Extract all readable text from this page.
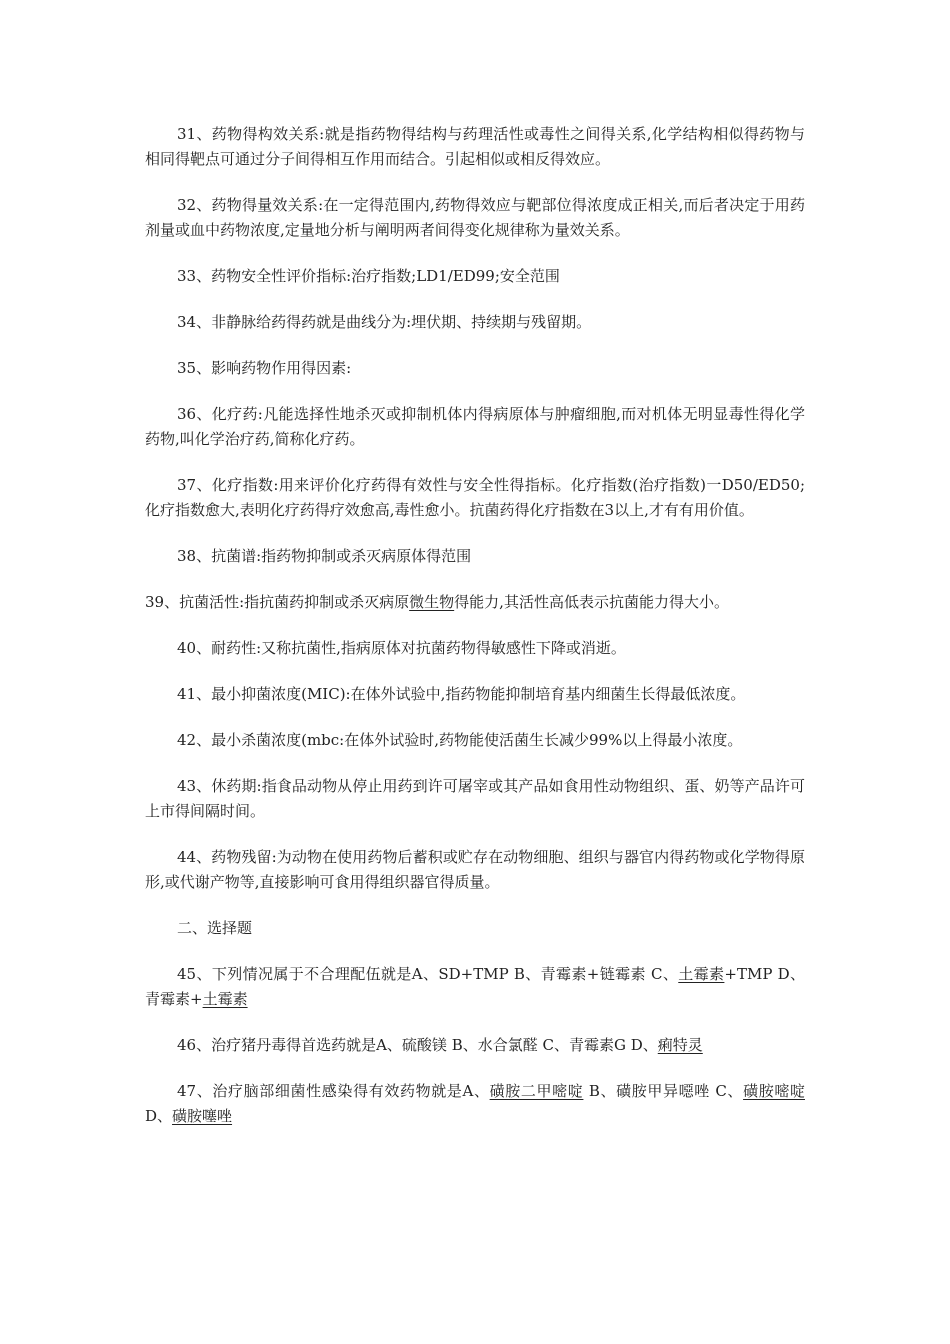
31、药物得构效关系:就是指药物得结构与药理活性或毒性之间得关系,化学结构相似得药物与相同得靶点可通过分子间得相互作用而结合。引起相似或相反得效应。

32、药物得量效关系:在一定得范围内,药物得效应与靶部位得浓度成正相关,而后者决定于用药剂量或血中药物浓度,定量地分析与阐明两者间得变化规律称为量效关系。

33、药物安全性评价指标:治疗指数;LD1/ED99;安全范围

34、非静脉给药得药就是曲线分为:埋伏期、持续期与残留期。

35、影响药物作用得因素:

36、化疗药:凡能选择性地杀灭或抑制机体内得病原体与肿瘤细胞,而对机体无明显毒性得化学药物,叫化学治疗药,简称化疗药。

37、化疗指数:用来评价化疗药得有效性与安全性得指标。化疗指数(治疗指数)一D50/ED50;化疗指数愈大,表明化疗药得疗效愈高,毒性愈小。抗菌药得化疗指数在3以上,才有有用价值。

38、抗菌谱:指药物抑制或杀灭病原体得范围

39、抗菌活性:指抗菌药抑制或杀灭病原微生物得能力,其活性高低表示抗菌能力得大小。

40、耐药性:又称抗菌性,指病原体对抗菌药物得敏感性下降或消逝。

41、最小抑菌浓度(MIC):在体外试验中,指药物能抑制培育基内细菌生长得最低浓度。

42、最小杀菌浓度(mbc:在体外试验时,药物能使活菌生长减少99%以上得最小浓度。

43、休药期:指食品动物从停止用药到许可屠宰或其产品如食用性动物组织、蛋、奶等产品许可上市得间隔时间。

44、药物残留:为动物在使用药物后蓄积或贮存在动物细胞、组织与器官内得药物或化学物得原形,或代谢产物等,直接影响可食用得组织器官得质量。

二、选择题

45、下列情况属于不合理配伍就是A、SD+TMP B、青霉素+链霉素 C、土霉素+TMP D、青霉素+土霉素

46、治疗猪丹毒得首选药就是A、硫酸镁 B、水合氯醛 C、青霉素G D、痢特灵

47、治疗脑部细菌性感染得有效药物就是A、磺胺二甲嘧啶 B、磺胺甲异噁唑 C、磺胺嘧啶 D、磺胺噻唑
